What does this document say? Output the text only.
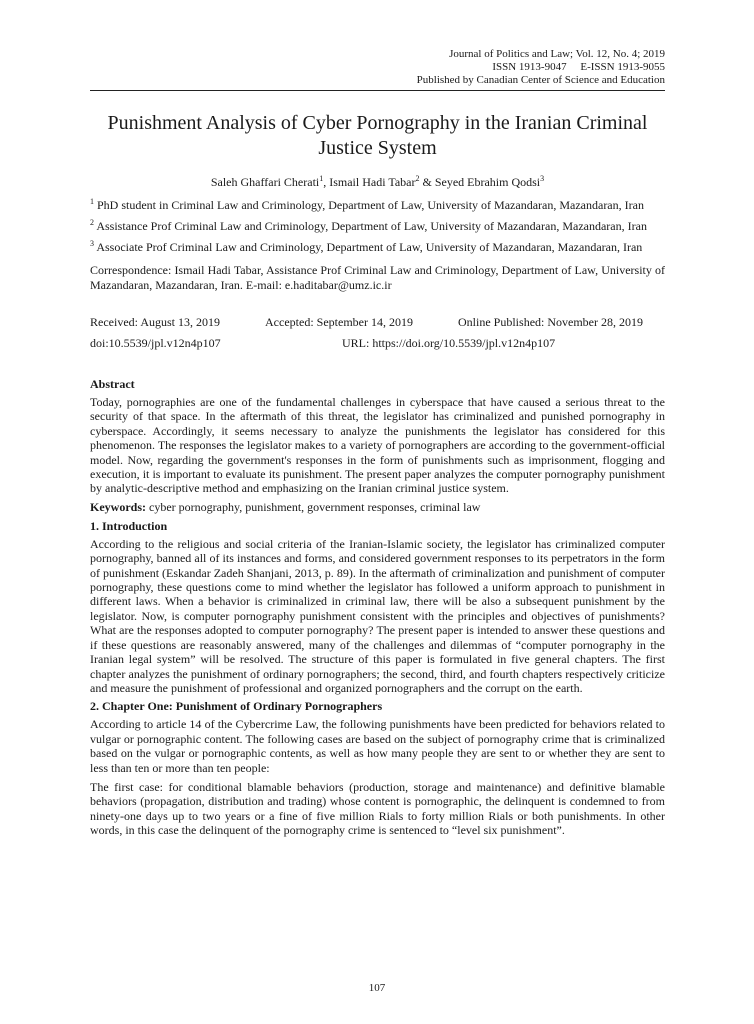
Journal of Politics and Law; Vol. 12, No. 4; 2019
ISSN 1913-9047     E-ISSN 1913-9055
Published by Canadian Center of Science and Education
Punishment Analysis of Cyber Pornography in the Iranian Criminal Justice System
Saleh Ghaffari Cherati$^1$, Ismail Hadi Tabar$^2$ & Seyed Ebrahim Qodsi$^3$
$^1$ PhD student in Criminal Law and Criminology, Department of Law, University of Mazandaran, Mazandaran, Iran
$^2$ Assistance Prof Criminal Law and Criminology, Department of Law, University of Mazandaran, Mazandaran, Iran
$^3$ Associate Prof Criminal Law and Criminology, Department of Law, University of Mazandaran, Mazandaran, Iran
Correspondence: Ismail Hadi Tabar, Assistance Prof Criminal Law and Criminology, Department of Law, University of Mazandaran, Mazandaran, Iran. E-mail: e.haditabar@umz.ic.ir
Received: August 13, 2019	Accepted: September 14, 2019	Online Published: November 28, 2019
doi:10.5539/jpl.v12n4p107	URL: https://doi.org/10.5539/jpl.v12n4p107
Abstract

Today, pornographies are one of the fundamental challenges in cyberspace that have caused a serious threat to the security of that space. In the aftermath of this threat, the legislator has criminalized and punished pornography in cyberspace. Accordingly, it seems necessary to analyze the punishments the legislator has considered for this phenomenon. The responses the legislator makes to a variety of pornographers are according to the government-official model. Now, regarding the government's responses in the form of punishments such as imprisonment, flogging and execution, it is important to evaluate its punishment. The present paper analyzes the computer pornography punishment by analytic-descriptive method and emphasizing on the Iranian criminal justice system.

Keywords: cyber pornography, punishment, government responses, criminal law
1. Introduction

According to the religious and social criteria of the Iranian-Islamic society, the legislator has criminalized computer pornography, banned all of its instances and forms, and considered government responses to its perpetrators in the form of punishment (Eskandar Zadeh Shanjani, 2013, p. 89). In the aftermath of criminalization and punishment of computer pornography, these questions come to mind whether the legislator has followed a uniform approach to punishment in different laws. When a behavior is criminalized in criminal law, there will be also a subsequent punishment by the legislator. Now, is computer pornography punishment consistent with the principles and objectives of punishments? What are the responses adopted to computer pornography? The present paper is intended to answer these questions and if these questions are reasonably answered, many of the challenges and dilemmas of “computer pornography in the Iranian legal system” will be resolved. The structure of this paper is formulated in five general chapters. The first chapter analyzes the punishment of ordinary pornographers; the second, third, and fourth chapters respectively criticize and measure the punishment of professional and organized pornographers and the corrupt on the earth.

2. Chapter One: Punishment of Ordinary Pornographers

According to article 14 of the Cybercrime Law, the following punishments have been predicted for behaviors related to vulgar or pornographic content. The following cases are based on the subject of pornography crime that is criminalized based on the vulgar or pornographic contents, as well as how many people they are sent to or whether they are sent to less than ten or more than ten people:

The first case: for conditional blamable behaviors (production, storage and maintenance) and definitive blamable behaviors (propagation, distribution and trading) whose content is pornographic, the delinquent is condemned to from ninety-one days up to two years or a fine of five million Rials to forty million Rials or both punishments. In other words, in this case the delinquent of the pornography crime is sentenced to “level six punishment”.

107
